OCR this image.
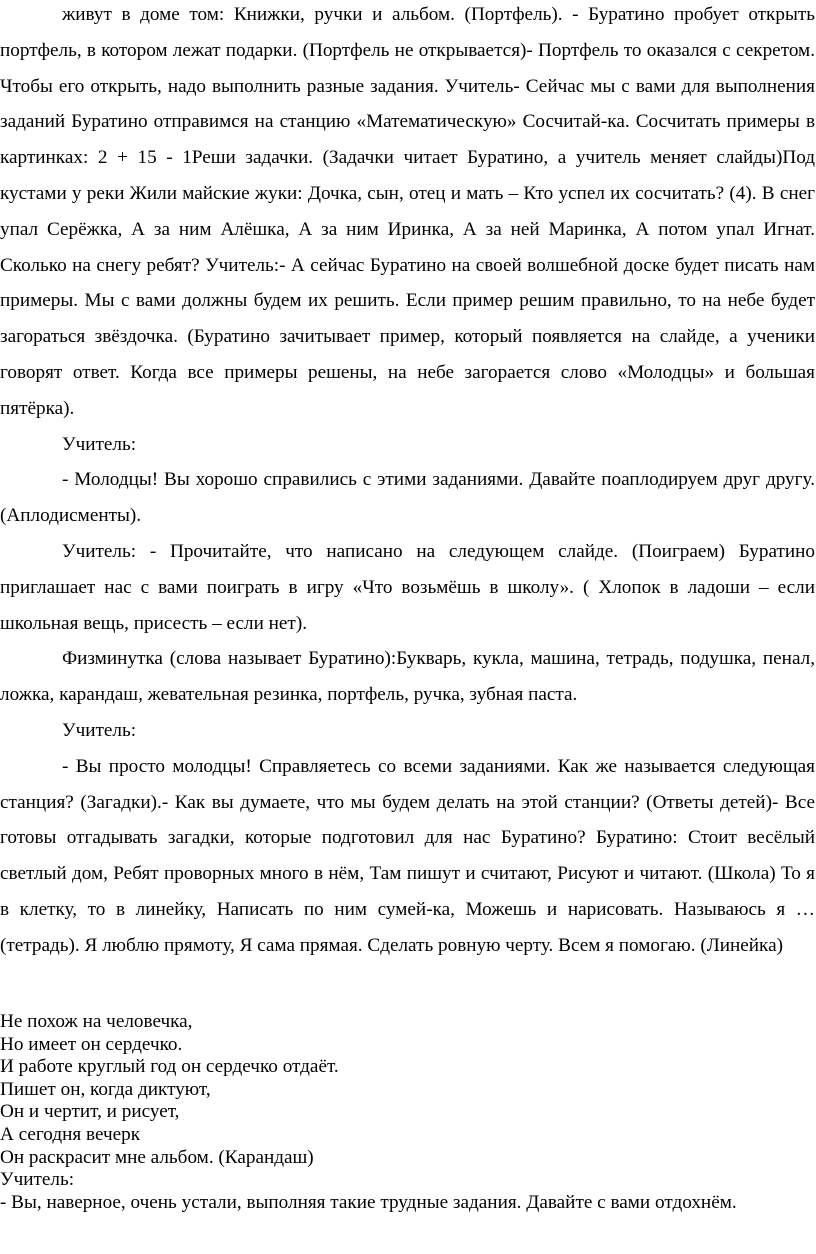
живут в доме том: Книжки, ручки и альбом. (Портфель). - Буратино пробует открыть портфель, в котором лежат подарки. (Портфель не открывается)- Портфель то оказался с секретом. Чтобы его открыть, надо выполнить разные задания. Учитель- Сейчас мы с вами для выполнения заданий Буратино отправимся на станцию «Математическую» Сосчитай-ка. Сосчитать примеры в картинках: 2 + 15 - 1Реши задачки. (Задачки читает Буратино, а учитель меняет слайды)Под кустами у реки Жили майские жуки: Дочка, сын, отец и мать – Кто успел их сосчитать? (4). В снег упал Серёжка, А за ним Алёшка, А за ним Иринка, А за ней Маринка, А потом упал Игнат. Сколько на снегу ребят? Учитель:- А сейчас Буратино на своей волшебной доске будет писать нам примеры. Мы с вами должны будем их решить. Если пример решим правильно, то на небе будет загораться звёздочка. (Буратино зачитывает пример, который появляется на слайде, а ученики говорят ответ. Когда все примеры решены, на небе загорается слово «Молодцы» и большая пятёрка).

Учитель:

- Молодцы! Вы хорошо справились с этими заданиями. Давайте поаплодируем друг другу. (Аплодисменты).

Учитель: - Прочитайте, что написано на следующем слайде. (Поиграем) Буратино приглашает нас с вами поиграть в игру «Что возьмёшь в школу». ( Хлопок в ладоши – если школьная вещь, присесть – если нет).

Физминутка (слова называет Буратино):Букварь, кукла, машина, тетрадь, подушка, пенал, ложка, карандаш, жевательная резинка, портфель, ручка, зубная паста.

Учитель:

- Вы просто молодцы! Справляетесь со всеми заданиями. Как же называется следующая станция? (Загадки).- Как вы думаете, что мы будем делать на этой станции? (Ответы детей)- Все готовы отгадывать загадки, которые подготовил для нас Буратино? Буратино: Стоит весёлый светлый дом, Ребят проворных много в нём, Там пишут и считают, Рисуют и читают. (Школа) То я в клетку, то в линейку, Написать по ним сумей-ка, Можешь и нарисовать. Называюсь я … (тетрадь). Я люблю прямоту, Я сама прямая. Сделать ровную черту. Всем я помогаю. (Линейка)

Не похож на человечка,

Но имеет он сердечко.

И работе круглый год он сердечко отдаёт.

Пишет он, когда диктуют,

Он и чертит, и рисует,

А сегодня вечерк

Он раскрасит мне альбом. (Карандаш)

Учитель:

- Вы, наверное, очень устали, выполняя такие трудные задания. Давайте с вами отдохнём.
